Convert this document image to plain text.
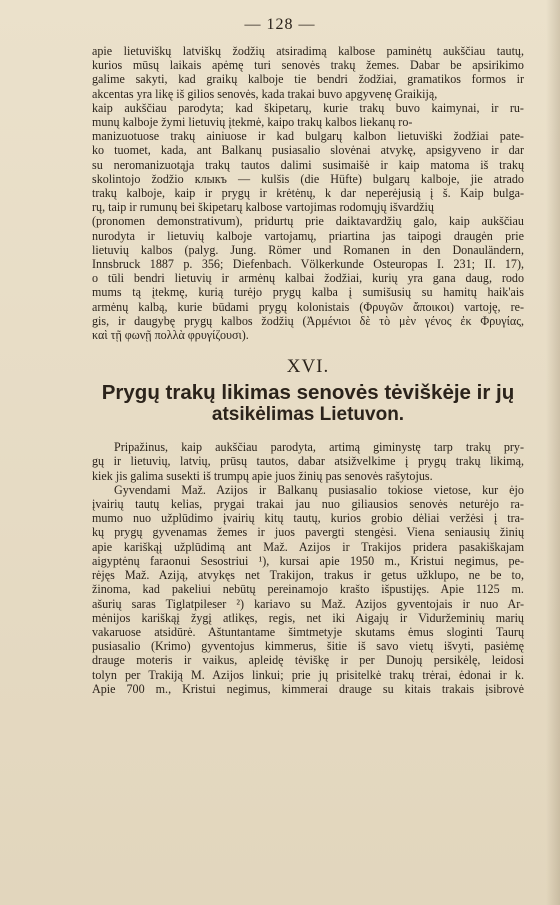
— 128 —

apie lietuviškų latviškų žodžių atsiradimą kalbose paminėtų aukščiau tautų,
kurios mūsų laikais apėmę turi senovės trakų žemes. Dabar be apsirikimo
galime sakyti, kad graikų kalboje tie bendri žodžiai, gramatikos formos ir
akcentas yra likę iš gilios senovės, kada trakai buvo apgyvenę Graikiją,
kaip aukščiau parodyta; kad škipetarų, kurie trakų buvo kaimynai, ir ru-
munų kalboje žymi lietuvių įtekmė, kaipo trakų kalbos liekanų ro-
manizuotuose trakų ainiuose ir kad bulgarų kalbon lietuviški žodžiai pate-
ko tuomet, kada, ant Balkanų pusiasalio slovėnai atvykę, apsigyveno ir dar
su neromanizuotąja trakų tautos dalimi susimaišė ir kaip matoma iš trakų
skolintojo žodžio клыкъ — kulšis (die Hüfte) bulgarų kalboje, jie atrado
trakų kalboje, kaip ir prygų ir krėtėnų, k dar neperėjusią į š. Kaip bulga-
rų, taip ir rumunų bei škipetarų kalbose vartojimas rodomųjų išvardžių
(pronomen demonstrativum), pridurtų prie daiktavardžių galo, kaip aukščiau
nurodyta ir lietuvių kalboje vartojamų, priartina jas taipogi draugėn prie
lietuvių kalbos (palyg. Jung. Römer und Romanen in den Donauländern,
Innsbruck 1887 p. 356; Diefenbach. Völkerkunde Osteuropas I. 231; II. 17),
o tūli bendri lietuvių ir armėnų kalbai žodžiai, kurių yra gana daug, rodo
mums tą įtekmę, kurią turėjo prygų kalba į sumišusių su hamitų haik'ais
armėnų kalbą, kurie būdami prygų kolonistais (Φρυγῶν ἄποικοι) vartoję, re-
gis, ir daugybę prygų kalbos žodžių (Ἀρμένιοι δὲ τὸ μὲν γένος ἐκ Φρυγίας,
καὶ τῇ φωνῇ πολλὰ φρυγίζουσι).

XVI.
Prygų trakų likimas senovės tėviškėje ir jų
atsikėlimas Lietuvon.

Pripažinus, kaip aukščiau parodyta, artimą giminystę tarp trakų pry-
gų ir lietuvių, latvių, prūsų tautos, dabar atsižvelkime į prygų trakų likimą,
kiek jis galima susekti iš trumpų apie juos žinių pas senovės rašytojus.

Gyvendami Maž. Azijos ir Balkanų pusiasalio tokiose vietose, kur ėjo
įvairių tautų kelias, prygai trakai jau nuo giliausios senovės neturėjo ra-
mumo nuo užplūdimo įvairių kitų tautų, kurios grobio dėliai veržėsi į tra-
kų prygų gyvenamas žemes ir juos pavergti stengėsi. Viena seniausių žinių
apie kariškąį užplūdimą ant Maž. Azijos ir Trakijos pridera pasakiškajam
aigyptėnų faraonui Sesostriui ¹), kursai apie 1950 m., Kristui negimus, pe-
rėjęs Maž. Aziją, atvykęs net Trakijon, trakus ir getus užklupo, ne be to,
žinoma, kad pakeliui nebūtų pereinamojo krašto išpustijęs. Apie 1125 m.
ašurių saras Tiglatpileser ²) kariavo su Maž. Azijos gyventojais ir nuo Ar-
mėnijos kariškąį žygį atlikęs, regis, net iki Aigajų ir Viduržeminių marių
vakaruose atsidūrė. Aštuntantame šimtmetyje skutams ėmus sloginti Taurų
pusiasalio (Krimo) gyventojus kimmerus, šitie iš savo vietų išvyti, pasiėmę
drauge moteris ir vaikus, apleidę tėviškę ir per Dunojų persikėlę, leidosi
tolyn per Trakiją M. Azijos linkui; prie jų prisitelkė trakų trėrai, ėdonai ir k.
Apie 700 m., Kristui negimus, kimmerai drauge su kitais trakais įsibrovė
